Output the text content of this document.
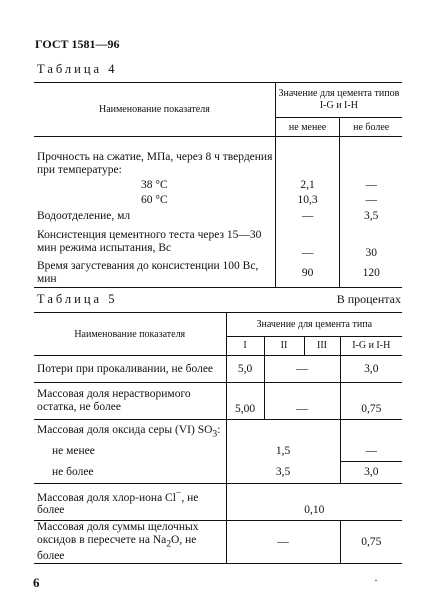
ГОСТ 1581—96
Таблица 4
Наименование показателя	Значение для цемента типов I-G и I-H	
	не менее	не более
Прочность на сжатие, МПа, через 8 ч твердения при температуре:		
38 °С	2,1	—
60 °С	10,3	—
Водоотделение, мл	—	3,5
Консистенция цементного теста через 15—30 мин режима испытания, Вс	—	30
Время загустевания до консистенции 100 Вс, мин	90	120
Таблица 5	В процентах
Наименование показателя	Значение для цемента типа			
	I	II	III	I-G и I-H
Потери при прокаливании, не более	5,0	—		3,0
Массовая доля нерастворимого остатка, не более	5,00	—		0,75
Массовая доля оксида серы (VI) $SO_3$:				
не менее	1,5			—
не более	3,5			3,0
Массовая доля хлор-иона Cl−, не более	0,10			
Массовая доля суммы щелочных оксидов в пересчете на $Na_2O$, не более	—			0,75
6	·
